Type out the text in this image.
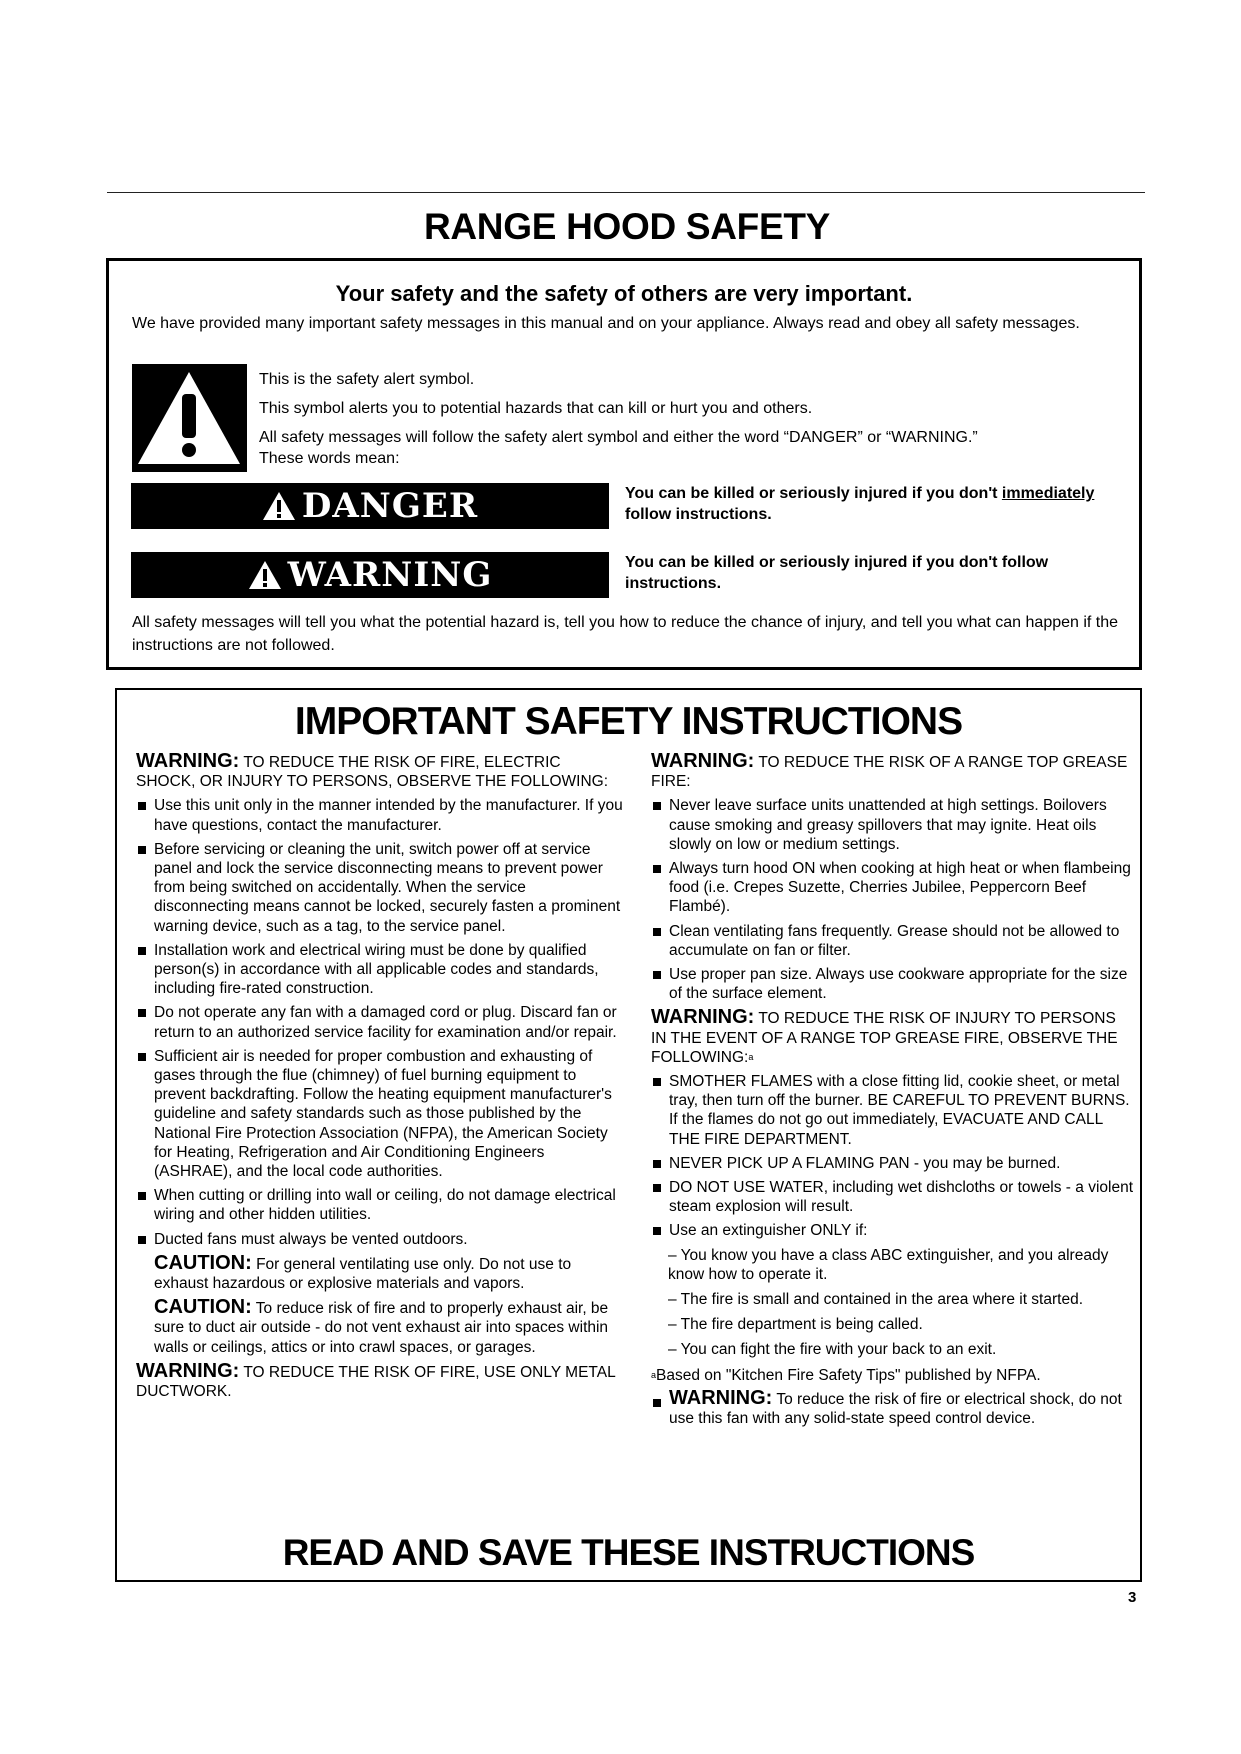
RANGE HOOD SAFETY
Your safety and the safety of others are very important.
We have provided many important safety messages in this manual and on your appliance. Always read and obey all safety messages.

This is the safety alert symbol.

This symbol alerts you to potential hazards that can kill or hurt you and others.

All safety messages will follow the safety alert symbol and either the word “DANGER” or “WARNING.”

These words mean:

DANGER	You can be killed or seriously injured if you don't immediately follow instructions.
WARNING	You can be killed or seriously injured if you don't follow instructions.
All safety messages will tell you what the potential hazard is, tell you how to reduce the chance of injury, and tell you what can happen if the instructions are not followed.
IMPORTANT SAFETY INSTRUCTIONS

WARNING: TO REDUCE THE RISK OF FIRE, ELECTRIC SHOCK, OR INJURY TO PERSONS, OBSERVE THE FOLLOWING:

Use this unit only in the manner intended by the manufacturer. If you have questions, contact the manufacturer.

Before servicing or cleaning the unit, switch power off at service panel and lock the service disconnecting means to prevent power from being switched on accidentally. When the service disconnecting means cannot be locked, securely fasten a prominent warning device, such as a tag, to the service panel.

Installation work and electrical wiring must be done by qualified person(s) in accordance with all applicable codes and standards, including fire-rated construction.

Do not operate any fan with a damaged cord or plug. Discard fan or return to an authorized service facility for examination and/or repair.

Sufficient air is needed for proper combustion and exhausting of gases through the flue (chimney) of fuel burning equipment to prevent backdrafting. Follow the heating equipment manufacturer's guideline and safety standards such as those published by the National Fire Protection Association (NFPA), the American Society for Heating, Refrigeration and Air Conditioning Engineers (ASHRAE), and the local code authorities.

When cutting or drilling into wall or ceiling, do not damage electrical wiring and other hidden utilities.

Ducted fans must always be vented outdoors.

CAUTION: For general ventilating use only. Do not use to exhaust hazardous or explosive materials and vapors.

CAUTION: To reduce risk of fire and to properly exhaust air, be sure to duct air outside - do not vent exhaust air into spaces within walls or ceilings, attics or into crawl spaces, or garages.

WARNING: TO REDUCE THE RISK OF FIRE, USE ONLY METAL DUCTWORK.

WARNING: TO REDUCE THE RISK OF A RANGE TOP GREASE FIRE:

Never leave surface units unattended at high settings. Boilovers cause smoking and greasy spillovers that may ignite. Heat oils slowly on low or medium settings.

Always turn hood ON when cooking at high heat or when flambeing food (i.e. Crepes Suzette, Cherries Jubilee, Peppercorn Beef Flambé).

Clean ventilating fans frequently. Grease should not be allowed to accumulate on fan or filter.

Use proper pan size. Always use cookware appropriate for the size of the surface element.

WARNING: TO REDUCE THE RISK OF INJURY TO PERSONS IN THE EVENT OF A RANGE TOP GREASE FIRE, OBSERVE THE FOLLOWING:$^a$

SMOTHER FLAMES with a close fitting lid, cookie sheet, or metal tray, then turn off the burner. BE CAREFUL TO PREVENT BURNS. If the flames do not go out immediately, EVACUATE AND CALL THE FIRE DEPARTMENT.

NEVER PICK UP A FLAMING PAN - you may be burned.

DO NOT USE WATER, including wet dishcloths or towels - a violent steam explosion will result.

Use an extinguisher ONLY if:

– You know you have a class ABC extinguisher, and you already know how to operate it.

– The fire is small and contained in the area where it started.

– The fire department is being called.

– You can fight the fire with your back to an exit.

$^a$Based on "Kitchen Fire Safety Tips" published by NFPA.

WARNING: To reduce the risk of fire or electrical shock, do not use this fan with any solid-state speed control device.

READ AND SAVE THESE INSTRUCTIONS
3
